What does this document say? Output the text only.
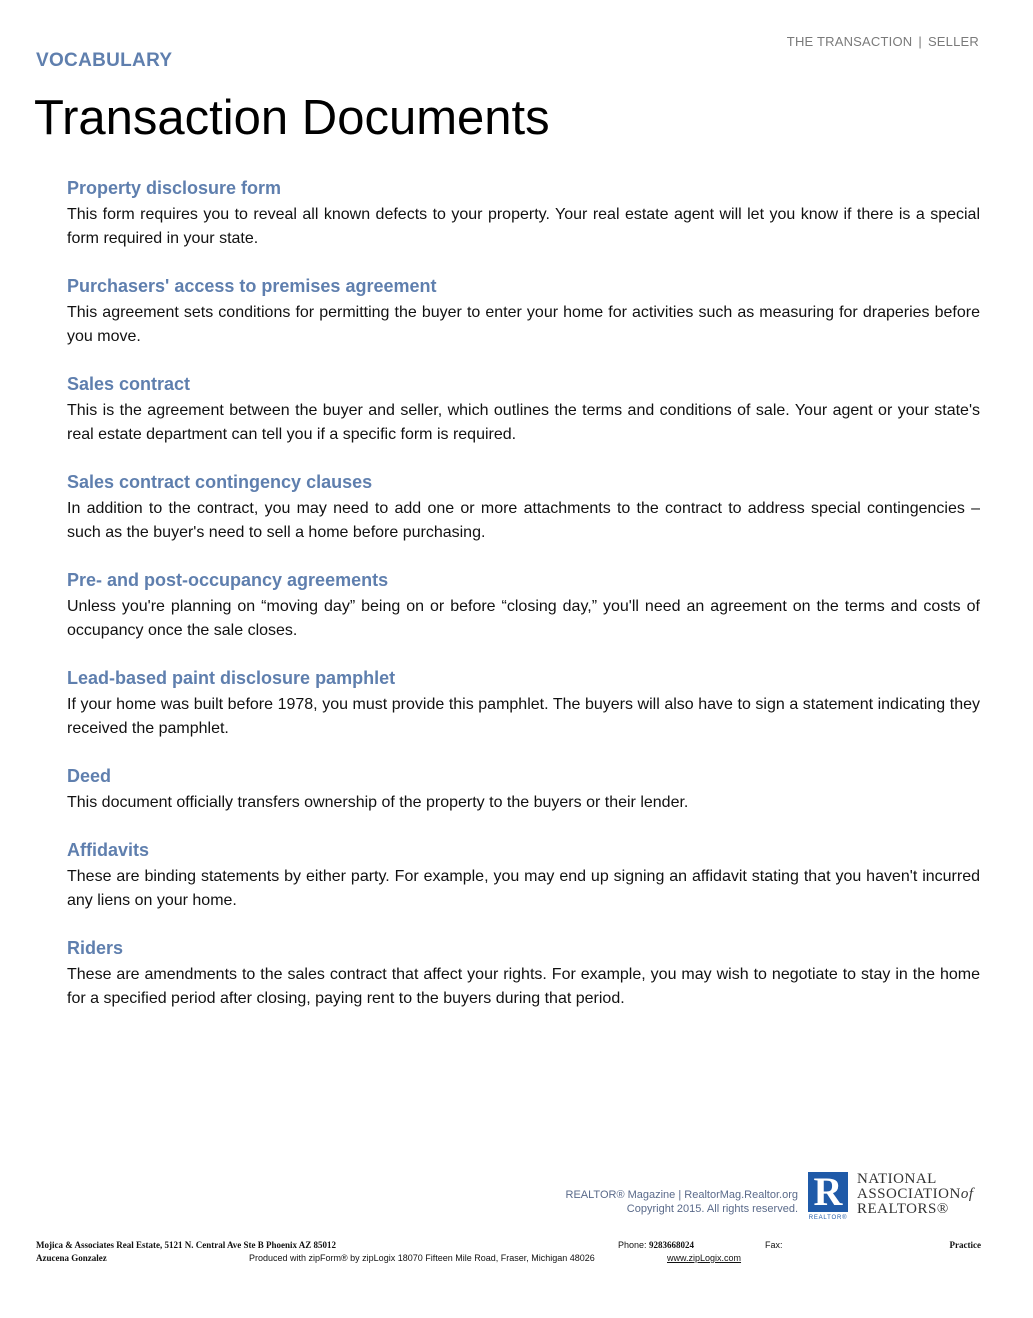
THE TRANSACTION | SELLER
VOCABULARY
Transaction Documents
Property disclosure form

This form requires you to reveal all known defects to your property. Your real estate agent will let you know if there is a special form required in your state.

Purchasers' access to premises agreement

This agreement sets conditions for permitting the buyer to enter your home for activities such as measuring for draperies before you move.

Sales contract

This is the agreement between the buyer and seller, which outlines the terms and conditions of sale. Your agent or your state's real estate department can tell you if a specific form is required.

Sales contract contingency clauses

In addition to the contract, you may need to add one or more attachments to the contract to address special contingencies – such as the buyer's need to sell a home before purchasing.

Pre- and post-occupancy agreements

Unless you're planning on “moving day” being on or before “closing day,” you'll need an agreement on the terms and costs of occupancy once the sale closes.

Lead-based paint disclosure pamphlet

If your home was built before 1978, you must provide this pamphlet. The buyers will also have to sign a statement indicating they received the pamphlet.

Deed

This document officially transfers ownership of the property to the buyers or their lender.

Affidavits

These are binding statements by either party. For example, you may end up signing an affidavit stating that you haven't incurred any liens on your home.

Riders

These are amendments to the sales contract that affect your rights. For example, you may wish to negotiate to stay in the home for a specified period after closing, paying rent to the buyers during that period.

REALTOR® Magazine | RealtorMag.Realtor.org
Copyright 2015. All rights reserved. R
REALTOR®
NATIONAL
ASSOCIATIONof
REALTORS®
Mojica & Associates Real Estate, 5121 N. Central Ave Ste B Phoenix AZ 85012	Phone: 9283668024	Fax:	Practice
Azucena Gonzalez	Produced with zipForm® by zipLogix 18070 Fifteen Mile Road, Fraser, Michigan 48026	www.zipLogix.com
